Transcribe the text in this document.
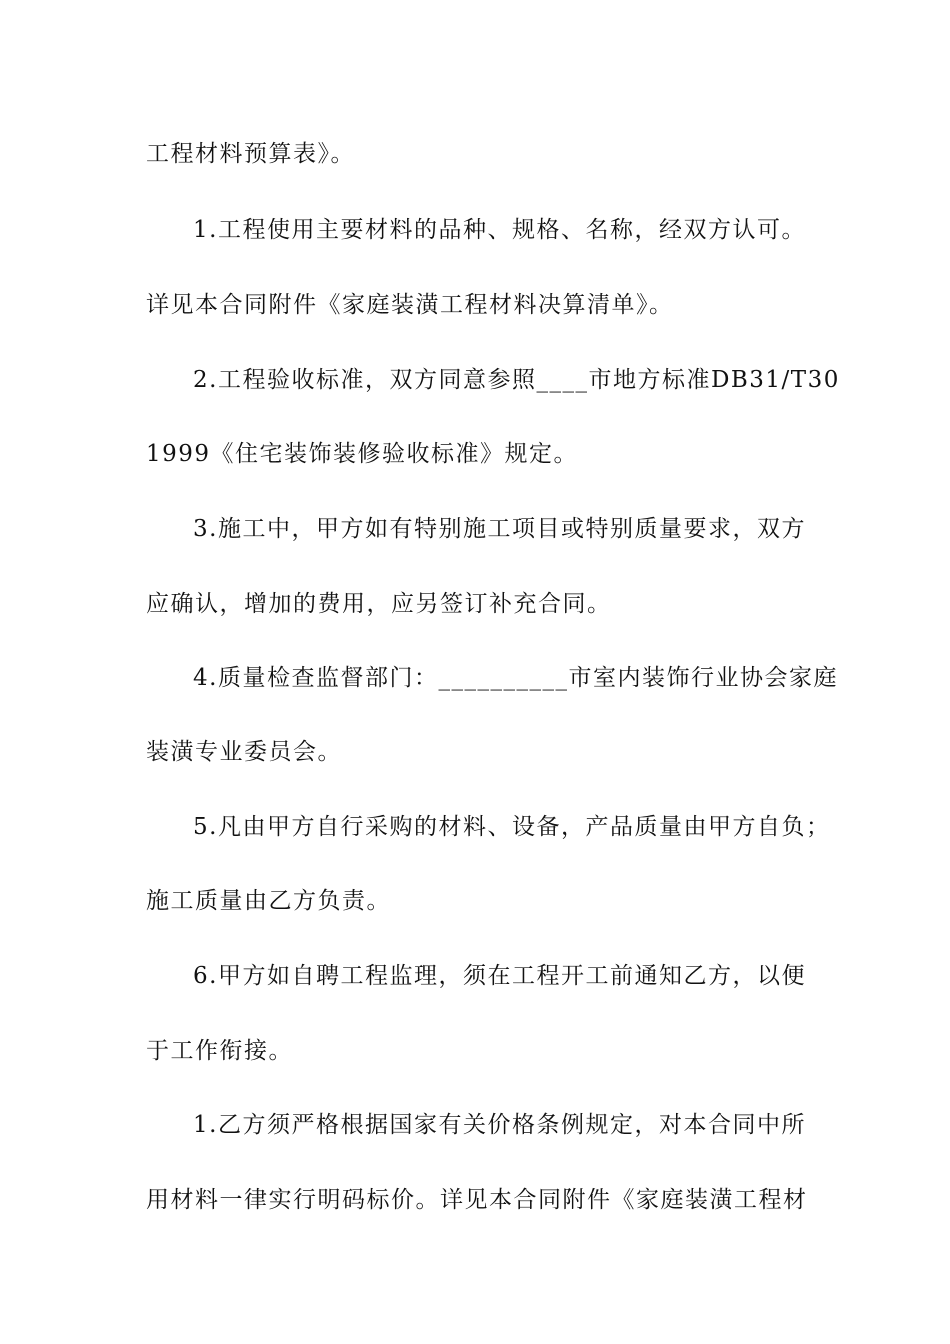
工程材料预算表》。

1.工程使用主要材料的品种、规格、名称，经双方认可。

详见本合同附件《家庭装潢工程材料决算清单》。

2.工程验收标准，双方同意参照____市地方标准DB31/T30

1999《住宅装饰装修验收标准》规定。

3.施工中，甲方如有特别施工项目或特别质量要求，双方

应确认，增加的费用，应另签订补充合同。

4.质量检查监督部门：__________市室内装饰行业协会家庭

装潢专业委员会。

5.凡由甲方自行采购的材料、设备，产品质量由甲方自负；

施工质量由乙方负责。

6.甲方如自聘工程监理，须在工程开工前通知乙方，以便

于工作衔接。

1.乙方须严格根据国家有关价格条例规定，对本合同中所

用材料一律实行明码标价。详见本合同附件《家庭装潢工程材
